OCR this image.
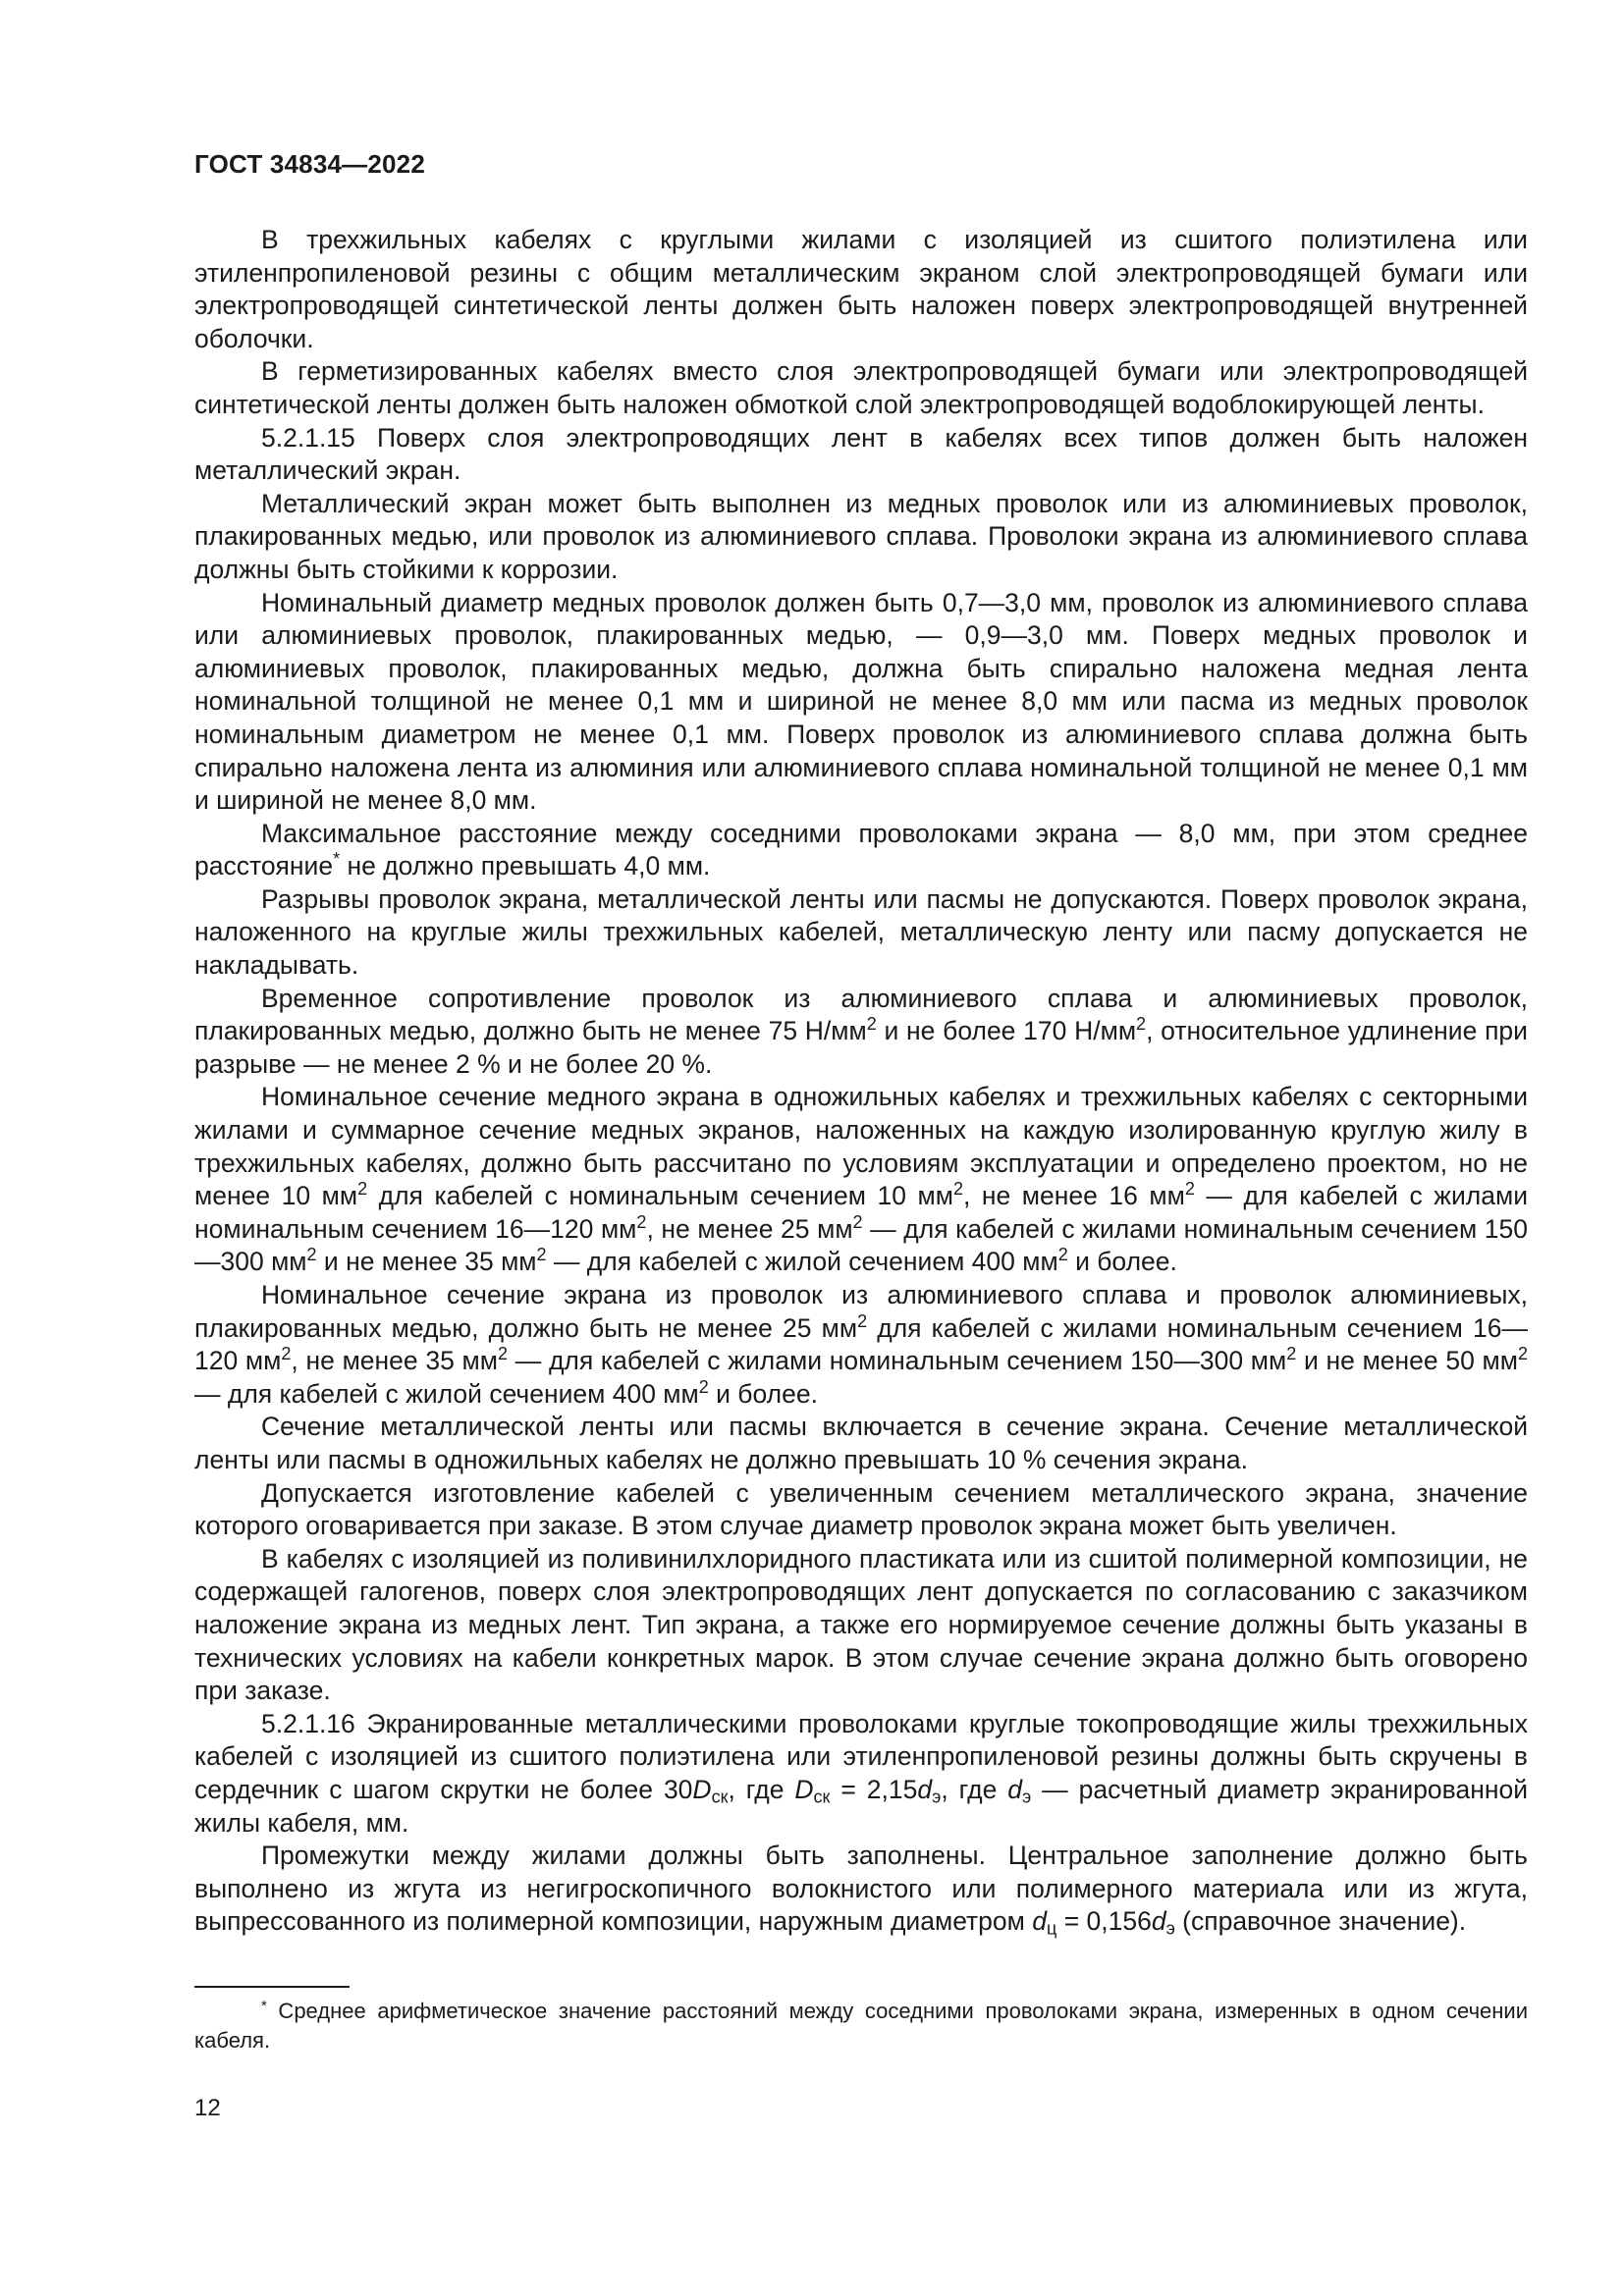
ГОСТ 34834—2022

В трехжильных кабелях с круглыми жилами с изоляцией из сшитого полиэтилена или этиленпропиленовой резины с общим металлическим экраном слой электропроводящей бумаги или электропроводящей синтетической ленты должен быть наложен поверх электропроводящей внутренней оболочки.

В герметизированных кабелях вместо слоя электропроводящей бумаги или электропроводящей синтетической ленты должен быть наложен обмоткой слой электропроводящей водоблокирующей ленты.

5.2.1.15 Поверх слоя электропроводящих лент в кабелях всех типов должен быть наложен металлический экран.

Металлический экран может быть выполнен из медных проволок или из алюминиевых проволок, плакированных медью, или проволок из алюминиевого сплава. Проволоки экрана из алюминиевого сплава должны быть стойкими к коррозии.

Номинальный диаметр медных проволок должен быть 0,7—3,0 мм, проволок из алюминиевого сплава или алюминиевых проволок, плакированных медью, — 0,9—3,0 мм. Поверх медных проволок и алюминиевых проволок, плакированных медью, должна быть спирально наложена медная лента номинальной толщиной не менее 0,1 мм и шириной не менее 8,0 мм или пасма из медных проволок номинальным диаметром не менее 0,1 мм. Поверх проволок из алюминиевого сплава должна быть спирально наложена лента из алюминия или алюминиевого сплава номинальной толщиной не менее 0,1 мм и шириной не менее 8,0 мм.

Максимальное расстояние между соседними проволоками экрана — 8,0 мм, при этом среднее расстояние* не должно превышать 4,0 мм.

Разрывы проволок экрана, металлической ленты или пасмы не допускаются. Поверх проволок экрана, наложенного на круглые жилы трехжильных кабелей, металлическую ленту или пасму допускается не накладывать.

Временное сопротивление проволок из алюминиевого сплава и алюминиевых проволок, плакированных медью, должно быть не менее 75 $Н/мм^2$ и не более 170 $Н/мм^2$, относительное удлинение при разрыве — не менее 2 % и не более 20 %.

Номинальное сечение медного экрана в одножильных кабелях и трехжильных кабелях с секторными жилами и суммарное сечение медных экранов, наложенных на каждую изолированную круглую жилу в трехжильных кабелях, должно быть рассчитано по условиям эксплуатации и определено проектом, но не менее 10 $мм^2$ для кабелей с номинальным сечением 10 $мм^2$, не менее 16 $мм^2$ — для кабелей с жилами номинальным сечением 16—120 $мм^2$, не менее 25 $мм^2$ — для кабелей с жилами номинальным сечением 150—300 $мм^2$ и не менее 35 $мм^2$ — для кабелей с жилой сечением 400 $мм^2$ и более.

Номинальное сечение экрана из проволок из алюминиевого сплава и проволок алюминиевых, плакированных медью, должно быть не менее 25 $мм^2$ для кабелей с жилами номинальным сечением 16—120 $мм^2$, не менее 35 $мм^2$ — для кабелей с жилами номинальным сечением 150—300 $мм^2$ и не менее 50 $мм^2$ — для кабелей с жилой сечением 400 $мм^2$ и более.

Сечение металлической ленты или пасмы включается в сечение экрана. Сечение металлической ленты или пасмы в одножильных кабелях не должно превышать 10 % сечения экрана.

Допускается изготовление кабелей с увеличенным сечением металлического экрана, значение которого оговаривается при заказе. В этом случае диаметр проволок экрана может быть увеличен.

В кабелях с изоляцией из поливинилхлоридного пластиката или из сшитой полимерной композиции, не содержащей галогенов, поверх слоя электропроводящих лент допускается по согласованию с заказчиком наложение экрана из медных лент. Тип экрана, а также его нормируемое сечение должны быть указаны в технических условиях на кабели конкретных марок. В этом случае сечение экрана должно быть оговорено при заказе.

5.2.1.16 Экранированные металлическими проволоками круглые токопроводящие жилы трехжильных кабелей с изоляцией из сшитого полиэтилена или этиленпропиленовой резины должны быть скручены в сердечник с шагом скрутки не более $30D_{ск}$, где $D_{ск} = 2,15d_э$, где $d_э$ — расчетный диаметр экранированной жилы кабеля, мм.

Промежутки между жилами должны быть заполнены. Центральное заполнение должно быть выполнено из жгута из негигроскопичного волокнистого или полимерного материала или из жгута, выпрессованного из полимерной композиции, наружным диаметром $d_ц = 0,156d_э$ (справочное значение).

* Среднее арифметическое значение расстояний между соседними проволоками экрана, измеренных в одном сечении кабеля.

12
